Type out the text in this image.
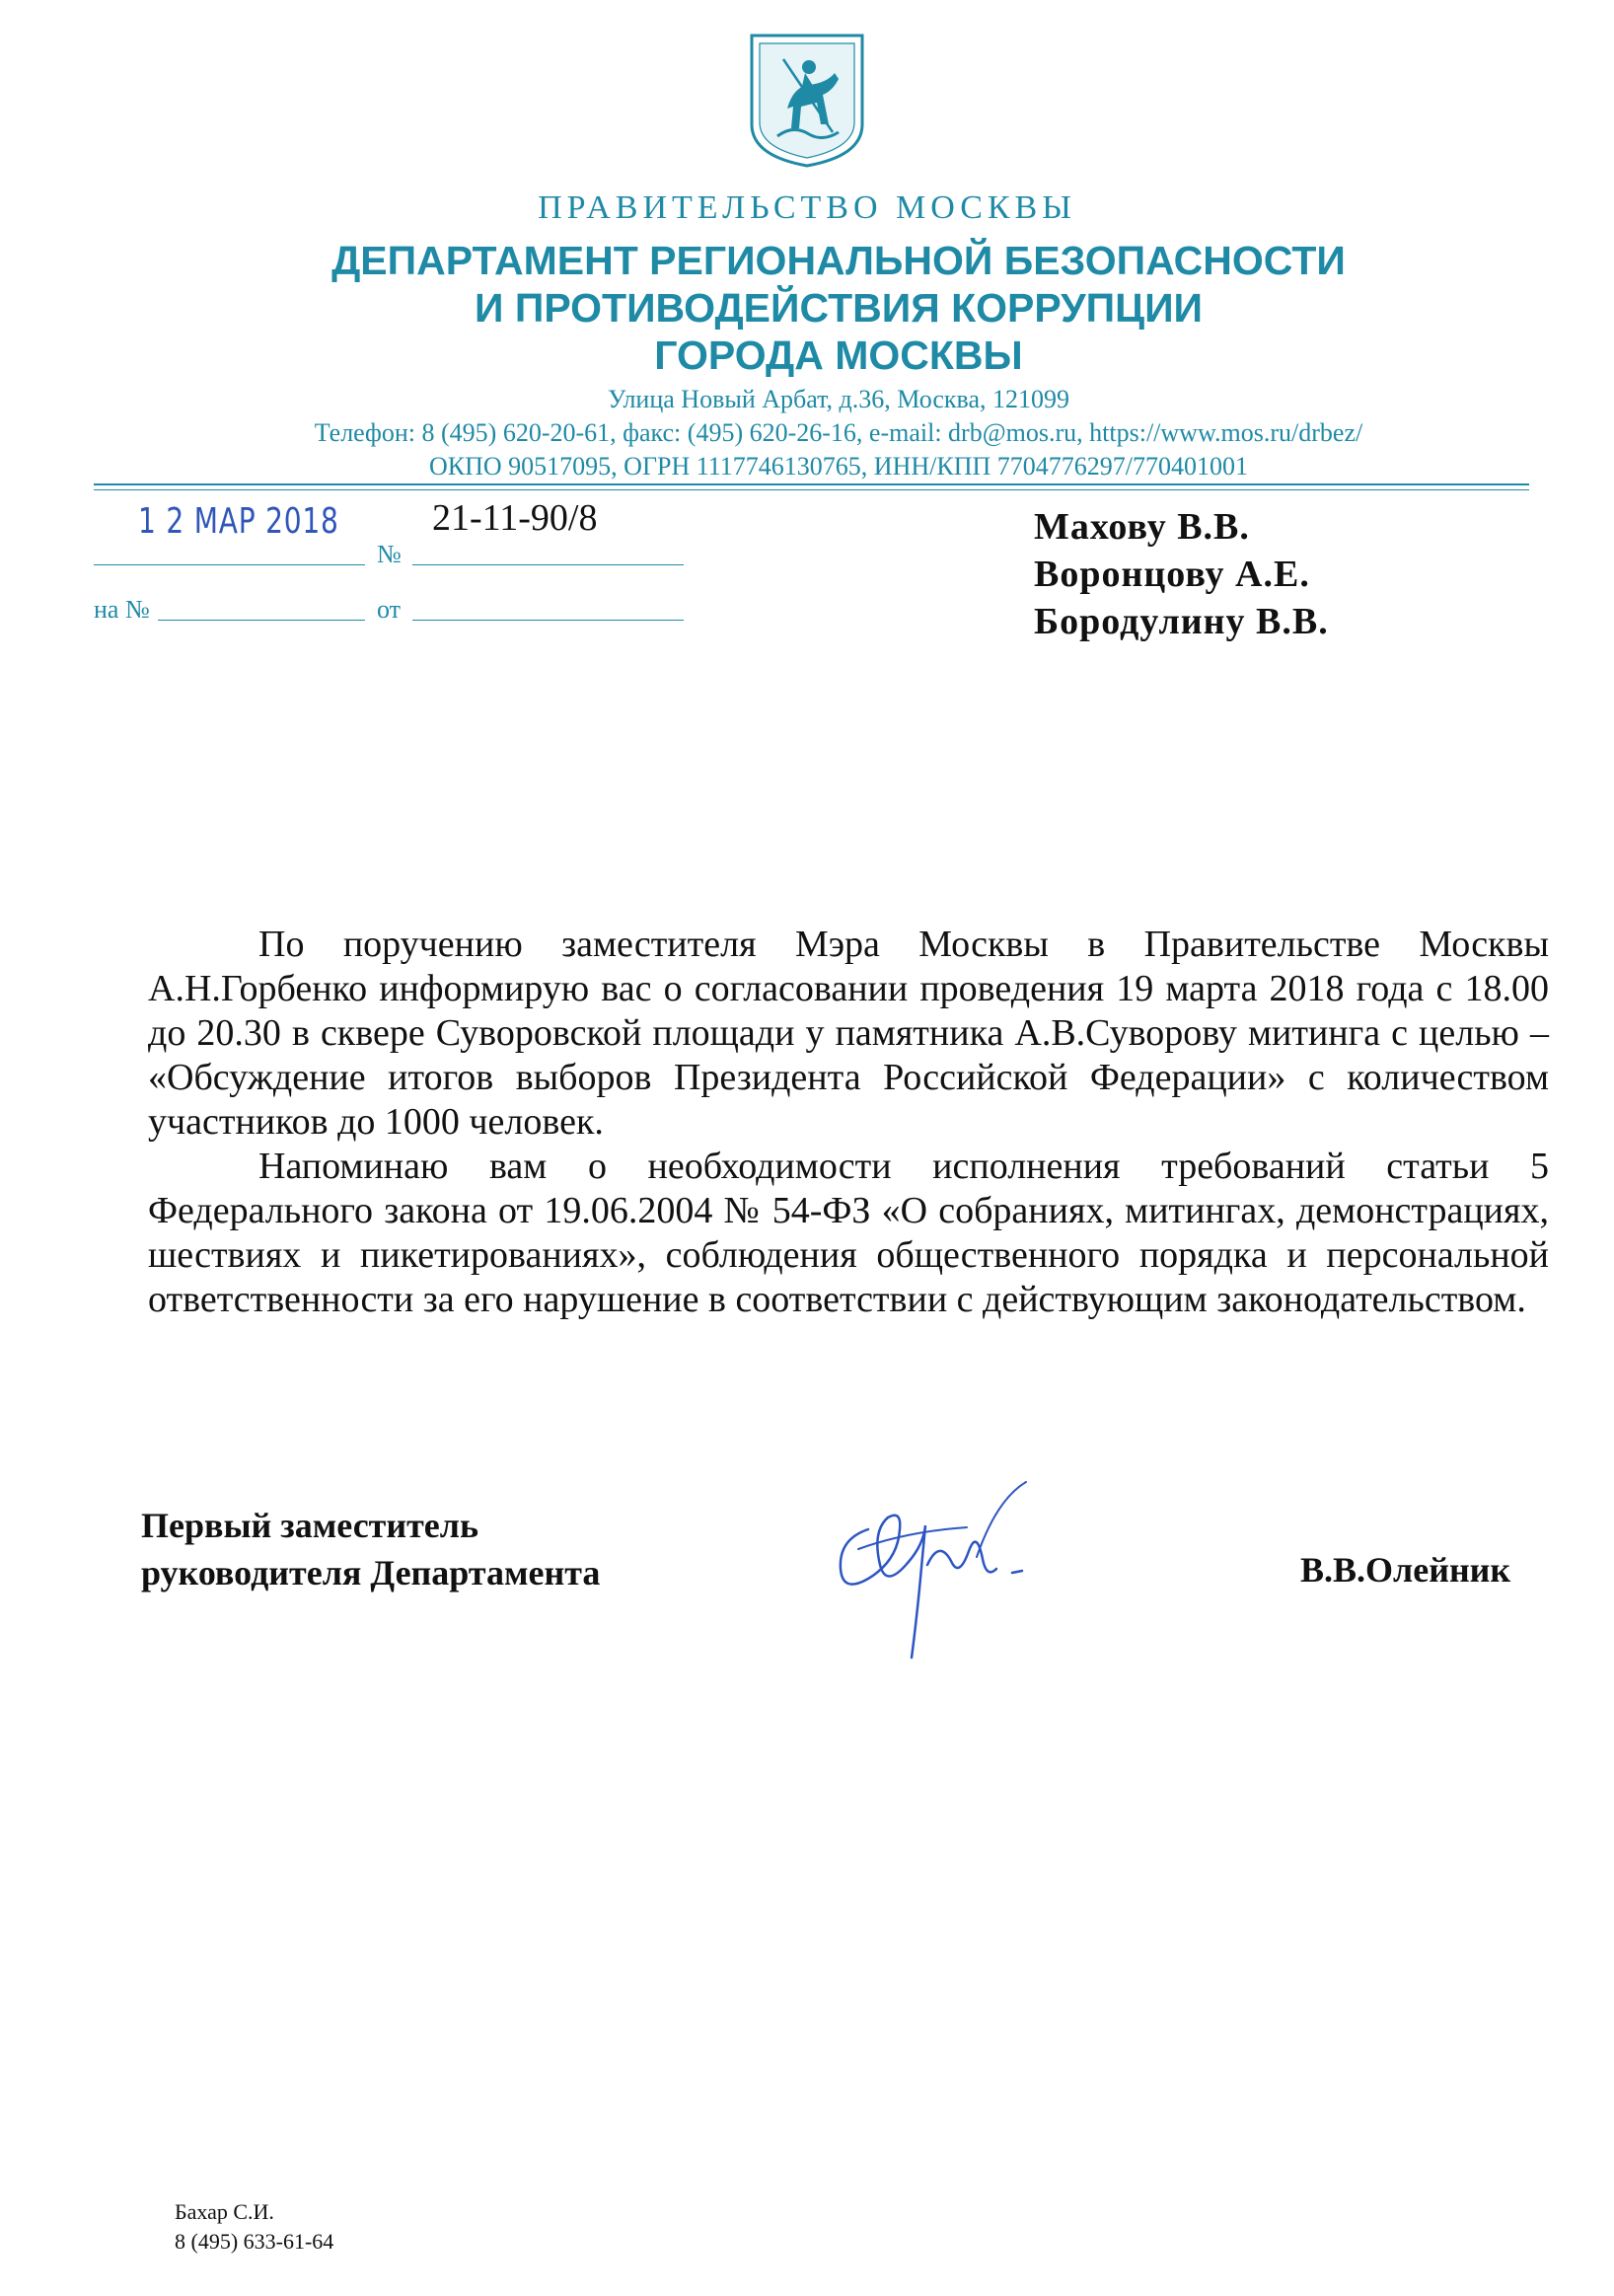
ПРАВИТЕЛЬСТВО МОСКВЫ
ДЕПАРТАМЕНТ РЕГИОНАЛЬНОЙ БЕЗОПАСНОСТИ
И ПРОТИВОДЕЙСТВИЯ КОРРУПЦИИ
ГОРОДА МОСКВЫ
Улица Новый Арбат, д.36, Москва, 121099
Телефон: 8 (495) 620-20-61, факс: (495) 620-26-16, e-mail: drb@mos.ru, https://www.mos.ru/drbez/
ОКПО 90517095, ОГРН 1117746130765, ИНН/КПП 7704776297/770401001
1 2 МАР 2018 21-11-90/8
№
на №	от
Махову В.В.
Воронцову А.Е.
Бородулину В.В.

По поручению заместителя Мэра Москвы в Правительстве Москвы А.Н.Горбенко информирую вас о согласовании проведения 19 марта 2018 года с 18.00 до 20.30 в сквере Суворовской площади у памятника А.В.Суворову митинга с целью – «Обсуждение итогов выборов Президента Российской Федерации» с количеством участников до 1000 человек.

Напоминаю вам о необходимости исполнения требований статьи 5 Федерального закона от 19.06.2004 № 54-ФЗ «О собраниях, митингах, демонстрациях, шествиях и пикетированиях», соблюдения общественного порядка и персональной ответственности за его нарушение в соответствии с действующим законодательством.

Первый заместитель
руководителя Департамента	В.В.Олейник
Бахар С.И.
8 (495) 633-61-64
